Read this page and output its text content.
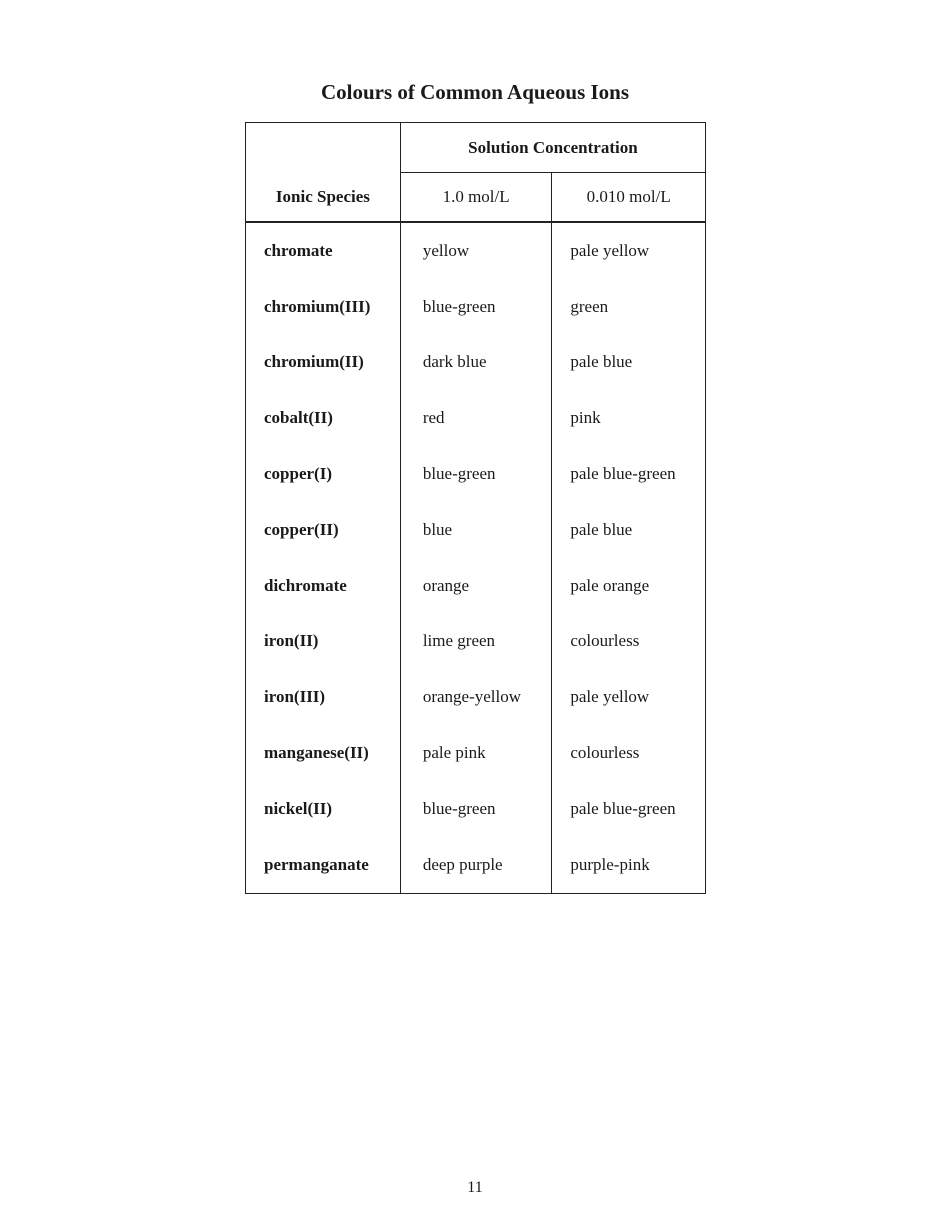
Colours of Common Aqueous Ions
Ionic Species	Solution Concentration	
	1.0 mol/L	0.010 mol/L
chromate	yellow	pale yellow
chromium(III)	blue-green	green
chromium(II)	dark blue	pale blue
cobalt(II)	red	pink
copper(I)	blue-green	pale blue-green
copper(II)	blue	pale blue
dichromate	orange	pale orange
iron(II)	lime green	colourless
iron(III)	orange-yellow	pale yellow
manganese(II)	pale pink	colourless
nickel(II)	blue-green	pale blue-green
permanganate	deep purple	purple-pink

11
